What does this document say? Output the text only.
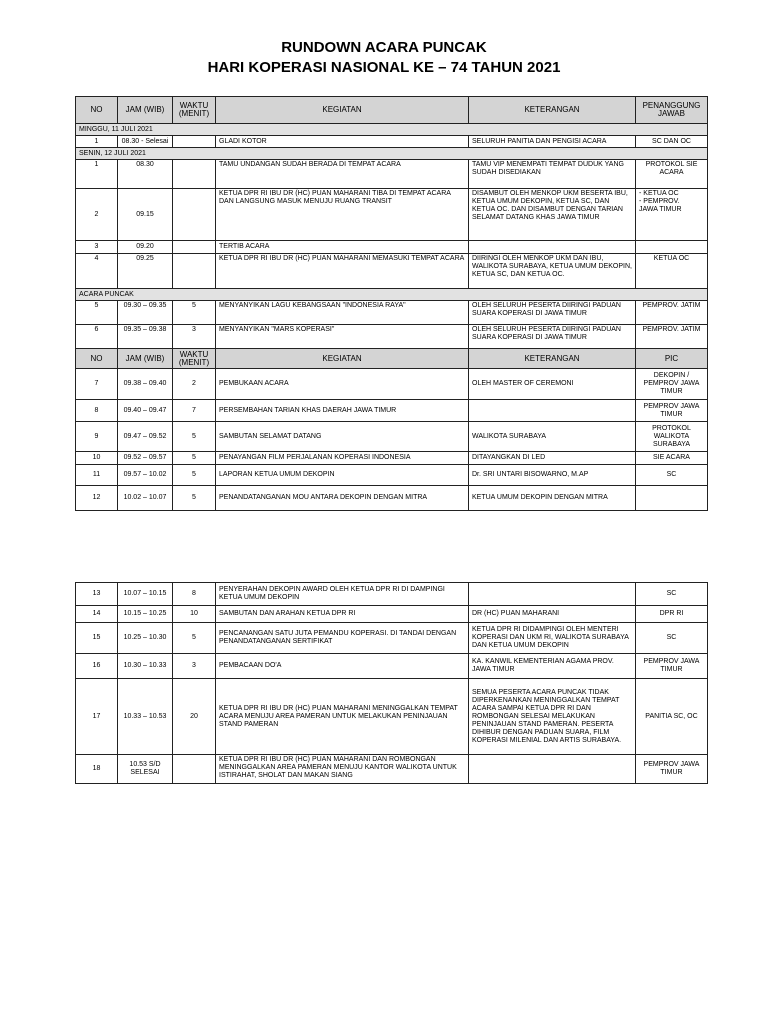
RUNDOWN ACARA PUNCAK
HARI KOPERASI NASIONAL KE – 74 TAHUN 2021
NO	JAM (WIB)	WAKTU (MENIT)	KEGIATAN	KETERANGAN	PENANGGUNG JAWAB
MINGGU, 11 JULI 2021					
1	08.30 - Selesai		GLADI KOTOR	SELURUH PANITIA DAN PENGISI ACARA	SC DAN OC
SENIN, 12 JULI 2021					
1	08.30		TAMU UNDANGAN SUDAH BERADA DI TEMPAT ACARA	TAMU VIP MENEMPATI TEMPAT DUDUK YANG SUDAH DISEDIAKAN	PROTOKOL SIE ACARA
2	09.15		KETUA DPR RI IBU DR (HC) PUAN MAHARANI TIBA DI TEMPAT ACARA DAN LANGSUNG MASUK MENUJU RUANG TRANSIT	DISAMBUT OLEH MENKOP UKM BESERTA IBU, KETUA UMUM DEKOPIN, KETUA SC, DAN KETUA OC. DAN DISAMBUT DENGAN TARIAN SELAMAT DATANG KHAS JAWA TIMUR	- KETUA OC
- PEMPROV.
JAWA TIMUR
3	09.20		TERTIB ACARA		
4	09.25		KETUA DPR RI IBU DR (HC) PUAN MAHARANI MEMASUKI TEMPAT ACARA	DIIRINGI OLEH MENKOP UKM DAN IBU, WALIKOTA SURABAYA, KETUA UMUM DEKOPIN, KETUA SC, DAN KETUA OC.	KETUA OC
ACARA PUNCAK					
5	09.30 – 09.35	5	MENYANYIKAN LAGU KEBANGSAAN "INDONESIA RAYA"	OLEH SELURUH PESERTA DIIRINGI PADUAN SUARA KOPERASI DI JAWA TIMUR	PEMPROV. JATIM
6	09.35 – 09.38	3	MENYANYIKAN "MARS KOPERASI"	OLEH SELURUH PESERTA DIIRINGI PADUAN SUARA KOPERASI DI JAWA TIMUR	PEMPROV. JATIM
NO	JAM (WIB)	WAKTU (MENIT)	KEGIATAN	KETERANGAN	PIC
7	09.38 – 09.40	2	PEMBUKAAN ACARA	OLEH MASTER OF CEREMONI	DEKOPIN / PEMPROV JAWA TIMUR
8	09.40 – 09.47	7	PERSEMBAHAN TARIAN KHAS DAERAH JAWA TIMUR		PEMPROV JAWA TIMUR
9	09.47 – 09.52	5	SAMBUTAN SELAMAT DATANG	WALIKOTA SURABAYA	PROTOKOL WALIKOTA SURABAYA
10	09.52 – 09.57	5	PENAYANGAN FILM PERJALANAN KOPERASI INDONESIA	DITAYANGKAN DI LED	SIE ACARA
11	09.57 – 10.02	5	LAPORAN KETUA UMUM DEKOPIN	Dr. SRI UNTARI BISOWARNO, M.AP	SC
12	10.02 – 10.07	5	PENANDATANGANAN MOU ANTARA DEKOPIN DENGAN MITRA	KETUA UMUM DEKOPIN DENGAN MITRA	
13	10.07 – 10.15	8	PENYERAHAN DEKOPIN AWARD OLEH KETUA DPR RI DI DAMPINGI KETUA UMUM DEKOPIN		SC
14	10.15 – 10.25	10	SAMBUTAN DAN ARAHAN KETUA DPR RI	DR (HC) PUAN MAHARANI	DPR RI
15	10.25 – 10.30	5	PENCANANGAN SATU JUTA PEMANDU KOPERASI. DI TANDAI DENGAN PENANDATANGANAN SERTIFIKAT	KETUA DPR RI DIDAMPINGI OLEH MENTERI KOPERASI DAN UKM RI, WALIKOTA SURABAYA DAN KETUA UMUM DEKOPIN	SC
16	10.30 – 10.33	3	PEMBACAAN DO'A	KA. KANWIL KEMENTERIAN AGAMA PROV. JAWA TIMUR	PEMPROV JAWA TIMUR
17	10.33 – 10.53	20	KETUA DPR RI IBU DR (HC) PUAN MAHARANI MENINGGALKAN TEMPAT ACARA MENUJU AREA PAMERAN UNTUK MELAKUKAN PENINJAUAN STAND PAMERAN	SEMUA PESERTA ACARA PUNCAK TIDAK DIPERKENANKAN MENINGGALKAN TEMPAT ACARA SAMPAI KETUA DPR RI DAN ROMBONGAN SELESAI MELAKUKAN PENINJAUAN STAND PAMERAN. PESERTA DIHIBUR DENGAN PADUAN SUARA, FILM KOPERASI MILENIAL DAN ARTIS SURABAYA.	PANITIA SC, OC
18	10.53 S/D SELESAI		KETUA DPR RI IBU DR (HC) PUAN MAHARANI DAN ROMBONGAN MENINGGALKAN AREA PAMERAN MENUJU KANTOR WALIKOTA UNTUK ISTIRAHAT, SHOLAT DAN MAKAN SIANG		PEMPROV JAWA TIMUR
